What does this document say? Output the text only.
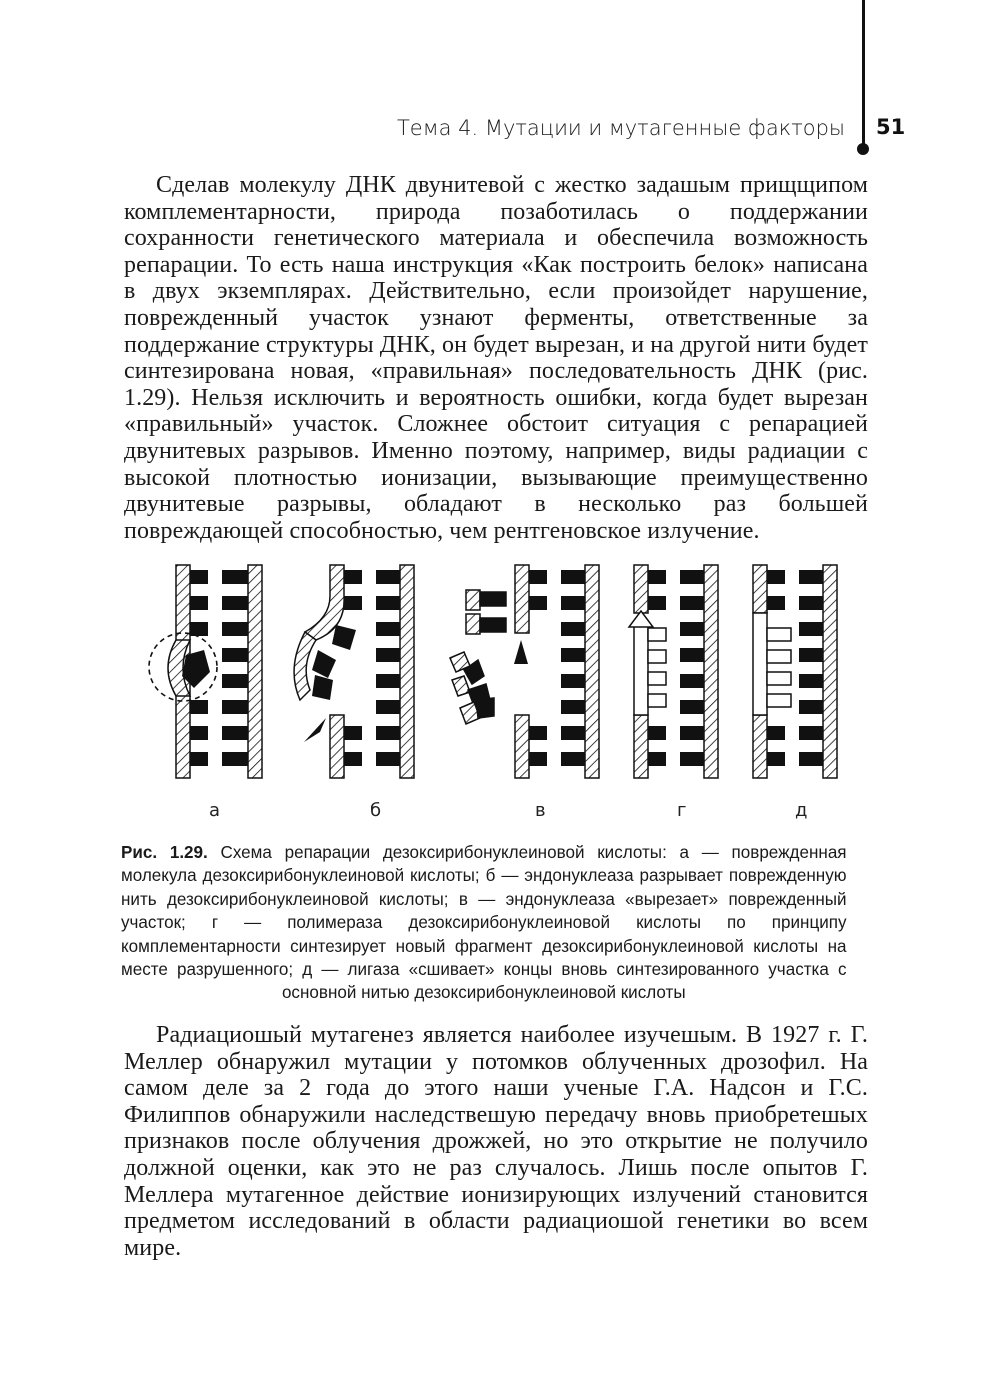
Тема 4. Мутации и мутагенные факторы 51

Сделав молекулу ДНК двунитевой с жестко задашым прищщипом комплементарности, природа позаботилась о поддержании сохранности генетического материала и обеспечила возможность репарации. То есть наша инструкция «Как построить белок» написана в двух экземплярах. Действительно, если произойдет нарушение, поврежденный участок узнают ферменты, ответственные за поддержание структуры ДНК, он будет вырезан, и на другой нити будет синтезирована новая, «правильная» последовательность ДНК (рис. 1.29). Нельзя исключить и вероятность ошибки, когда будет вырезан «правильный» участок. Сложнее обстоит ситуация с репарацией двунитевых разрывов. Именно поэтому, например, виды радиации с высокой плотностью ионизации, вызывающие преимущественно двунитевые разрывы, обладают в несколько раз большей повреждающей способностью, чем рентгеновское излучение.

а	б	в	г	д

Рис. 1.29. Схема репарации дезоксирибонуклеиновой кислоты: а — поврежденная молекула дезоксирибонуклеиновой кислоты; б — эндонуклеаза разрывает поврежденную нить дезоксирибонуклеиновой кислоты; в — эндонуклеаза «вырезает» поврежденный участок; г — полимераза дезоксирибонуклеиновой кислоты по принципу комплементарности синтезирует новый фрагмент дезоксирибонуклеиновой кислоты на месте разрушенного; д — лигаза «сшивает» концы вновь синтезированного участка с основной нитью дезоксирибонуклеиновой кислоты

Радиациошый мутагенез является наиболее изучешым. В 1927 г. Г. Меллер обнаружил мутации у потомков облученных дрозофил. На самом деле за 2 года до этого наши ученые Г.А. Надсон и Г.С. Филиппов обнаружили наследствешую передачу вновь приобретешых признаков после облучения дрожжей, но это открытие не получило должной оценки, как это не раз случалось. Лишь после опытов Г. Меллера мутагенное действие ионизирующих излучений становится предметом исследований в области радиациошой генетики во всем мире.
